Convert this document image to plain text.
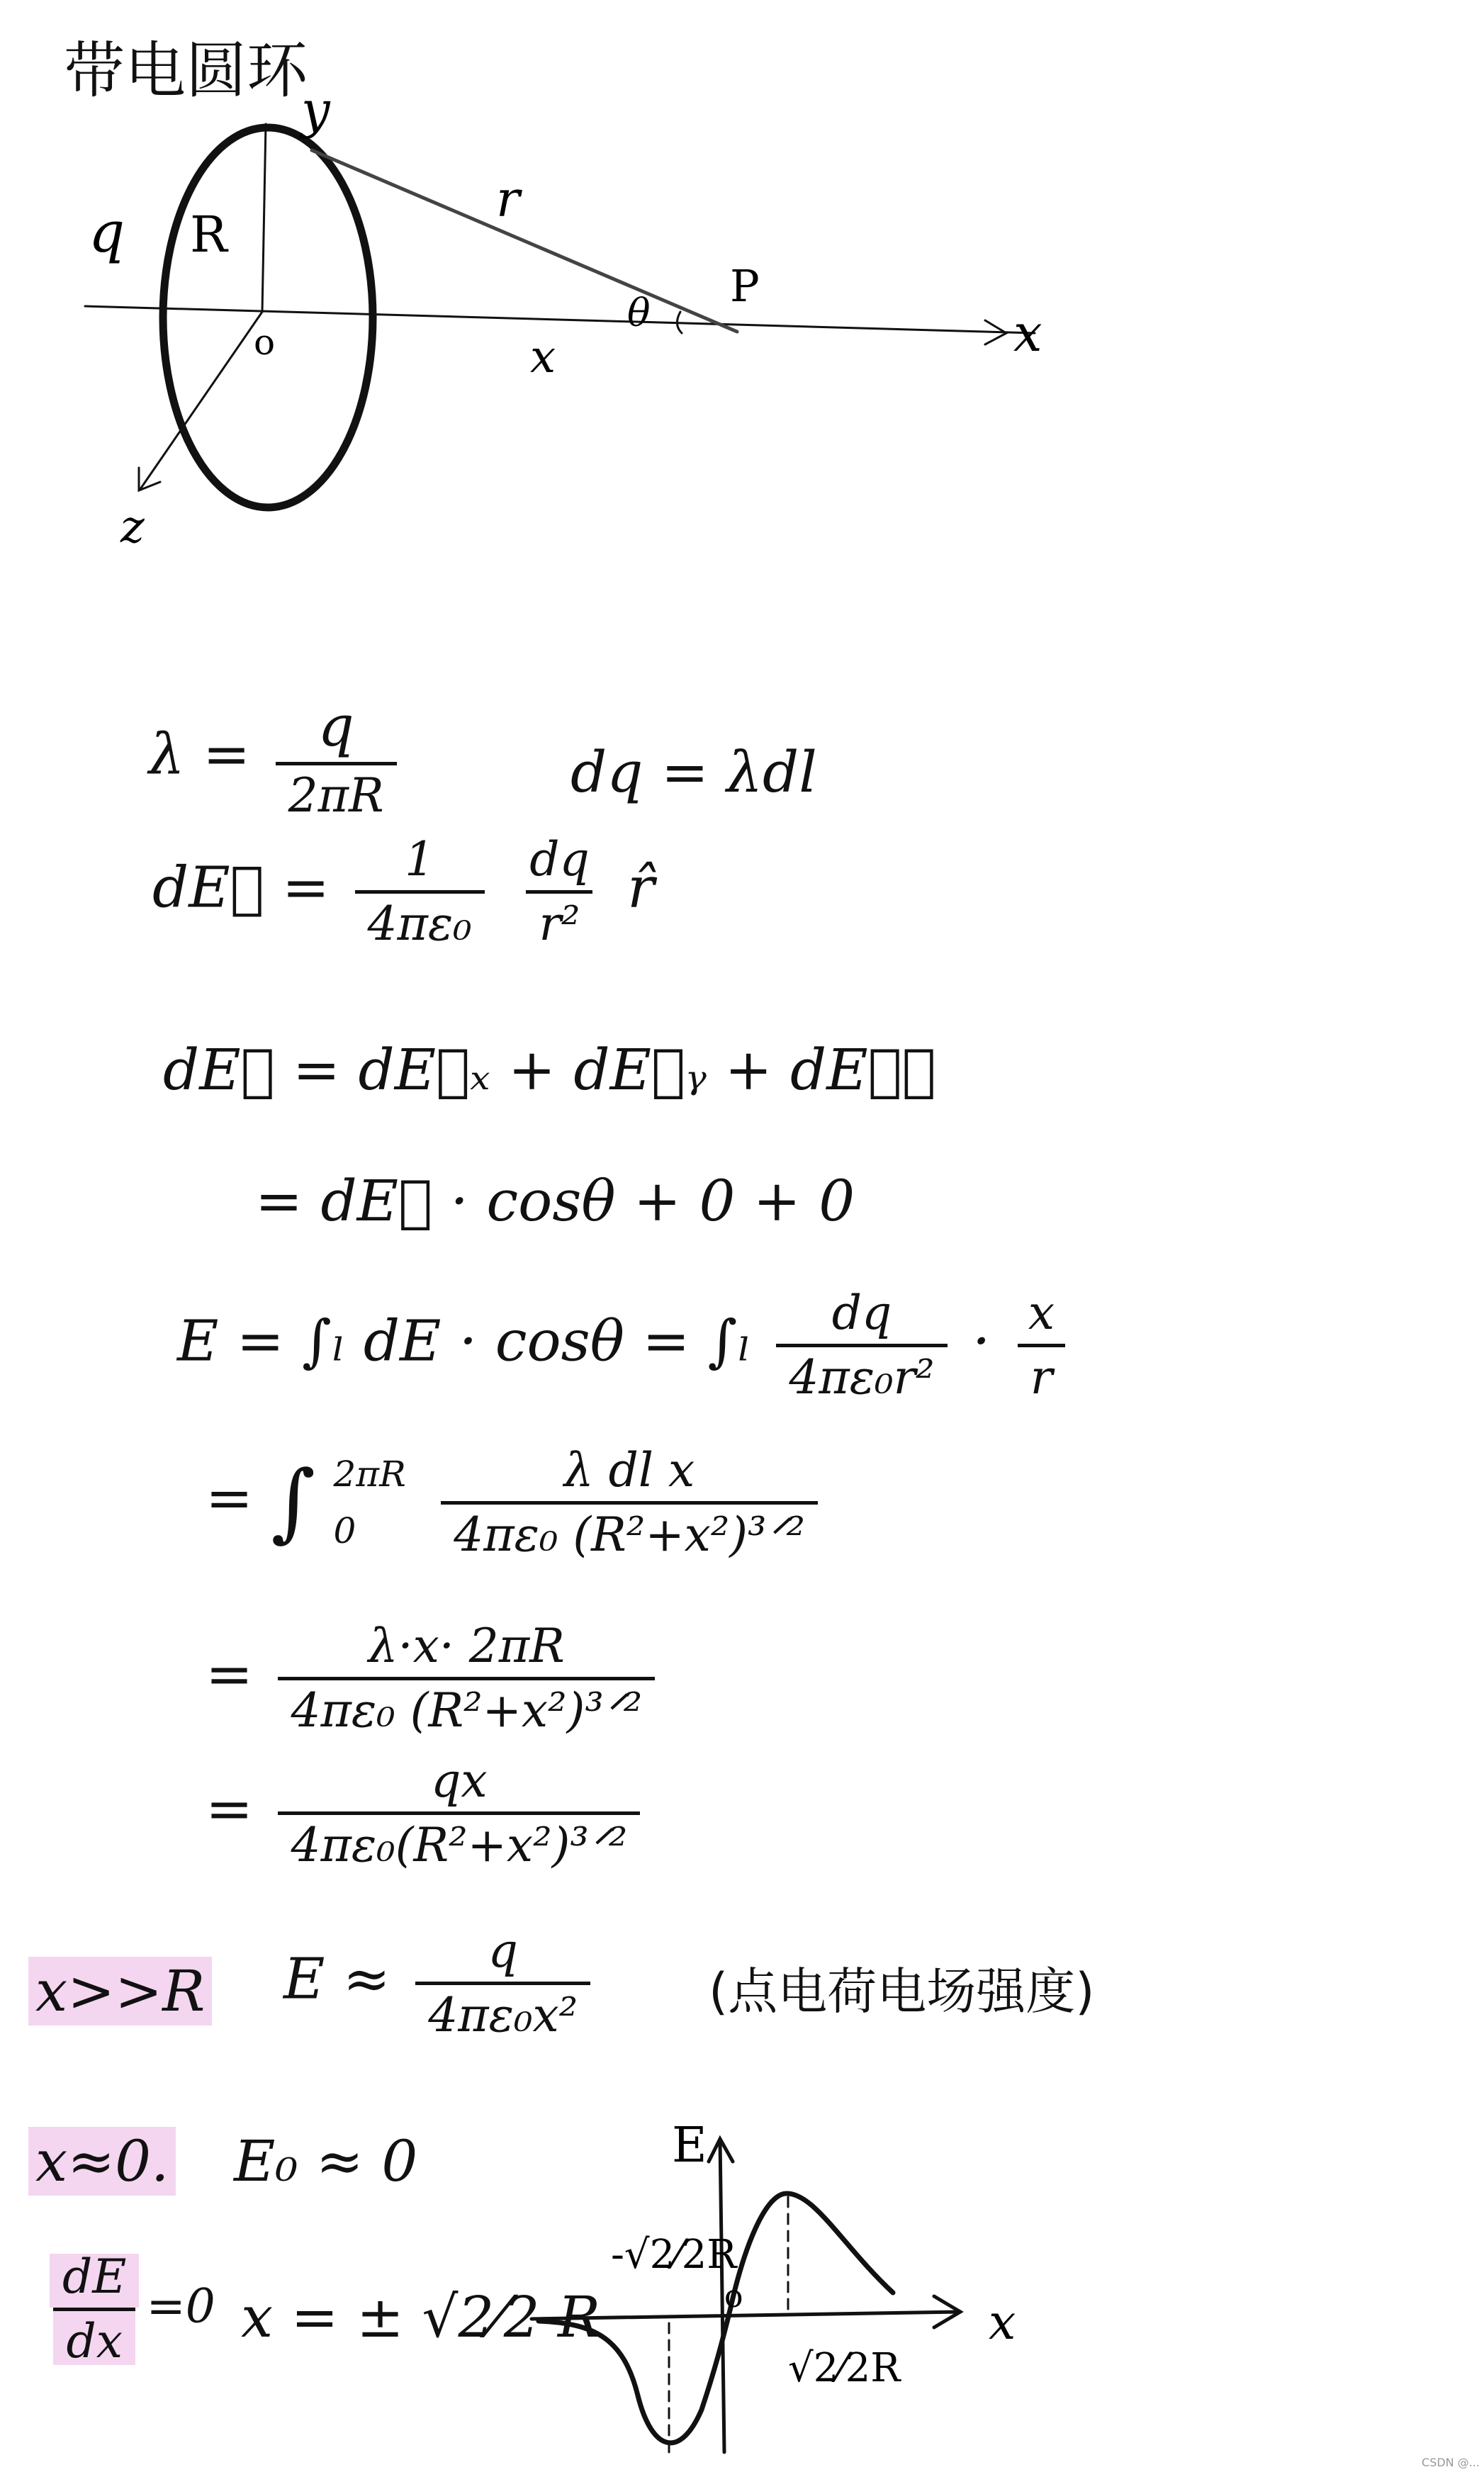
带电圆环
y
x
z
o
q R
r
P
θ
x
$\lambda = \frac{q}{2\pi R}$	dq = λdl
dE⃗ = $\frac{1}{\text{4πε₀}}$
$\frac{dq}{\text{r²}}$ r̂
dE⃗ = dE⃗ₓ + dE⃗ᵧ + dE⃗𝓏
= dE⃗ · cosθ + 0 + 0
E = ∫ₗ dE · $\cos\theta = \int_l \frac{dq}{\text{4πε₀r²}} \cdot \frac{x}{r}$
= ∫ 2πR
0
	$\frac{\text{λ dl x}}{\text{4πε₀ (R²+x²)³ᐟ²}}$
= $\frac{\lambda\cdot x\cdot 2\pi R}{\text{4πε₀ (R²+x²)³ᐟ²}}$
= $\frac{qx}{\text{4πε₀(R²+x²)³ᐟ²}}$
x>>R $E \approx \frac{q}{\text{4πε₀x²}}$ (点电荷电场强度)
x≈0. E₀ ≈ 0
$\frac{dE}{dx} =0$ x = ± √2⁄2 R
E
x
o
-√2⁄2R
√2⁄2R
CSDN @...
